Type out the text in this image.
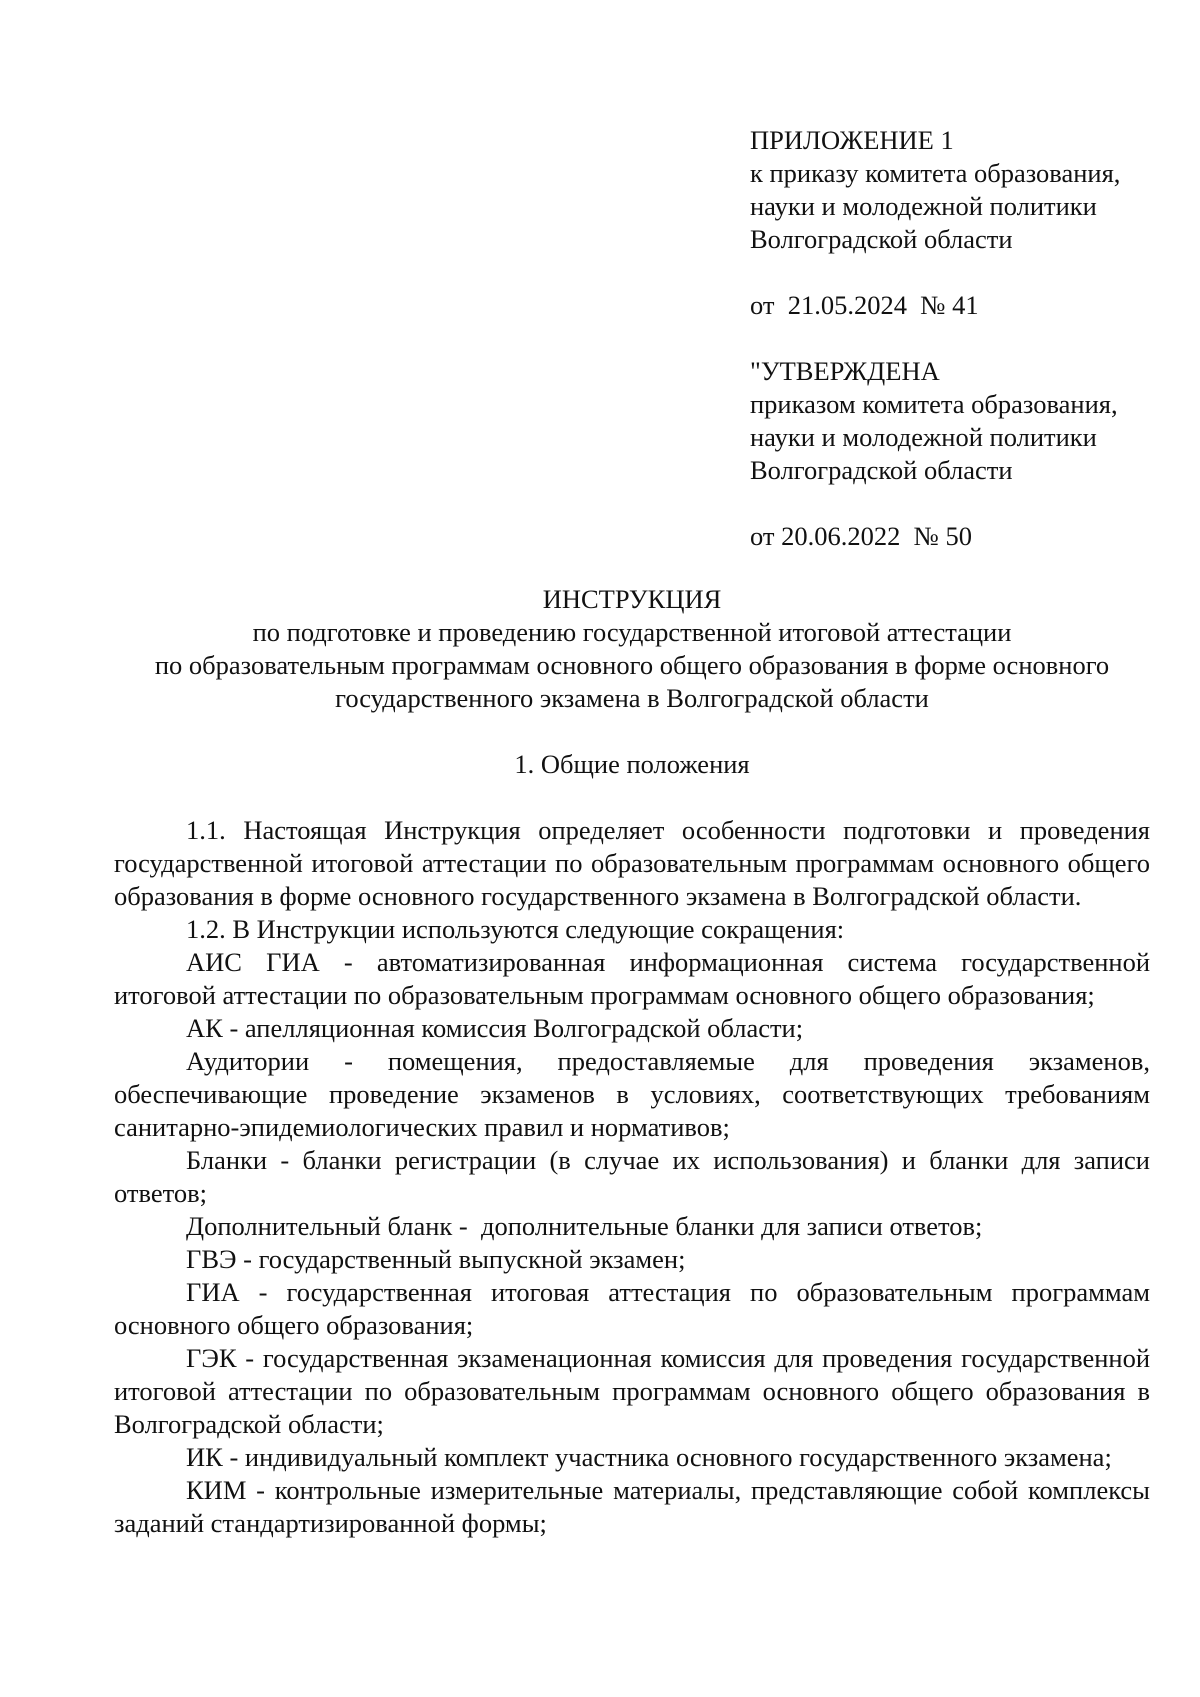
ПРИЛОЖЕНИЕ 1
к приказу комитета образования,
науки и молодежной политики
Волгоградской области
от  21.05.2024  № 41
"УТВЕРЖДЕНА
приказом комитета образования,
науки и молодежной политики
Волгоградской области
от 20.06.2022  № 50
ИНСТРУКЦИЯ
по подготовке и проведению государственной итоговой аттестации
по образовательным программам основного общего образования в форме основного
государственного экзамена в Волгоградской области
1. Общие положения

1.1. Настоящая Инструкция определяет особенности подготовки и проведения государственной итоговой аттестации по образовательным программам основного общего образования в форме основного государственного экзамена в Волгоградской области.

1.2. В Инструкции используются следующие сокращения:

АИС ГИА - автоматизированная информационная система государственной итоговой аттестации по образовательным программам основного общего образования;

АК - апелляционная комиссия Волгоградской области;

Аудитории - помещения, предоставляемые для проведения экзаменов, обеспечивающие проведение экзаменов в условиях, соответствующих требованиям санитарно-эпидемиологических правил и нормативов;

Бланки - бланки регистрации (в случае их использования) и бланки для записи ответов;

Дополнительный бланк -  дополнительные бланки для записи ответов;

ГВЭ - государственный выпускной экзамен;

ГИА - государственная итоговая аттестация по образовательным программам основного общего образования;

ГЭК - государственная экзаменационная комиссия для проведения государственной итоговой аттестации по образовательным программам основного общего образования в Волгоградской области;

ИК - индивидуальный комплект участника основного государственного экзамена;

КИМ - контрольные измерительные материалы, представляющие собой комплексы заданий стандартизированной формы;
